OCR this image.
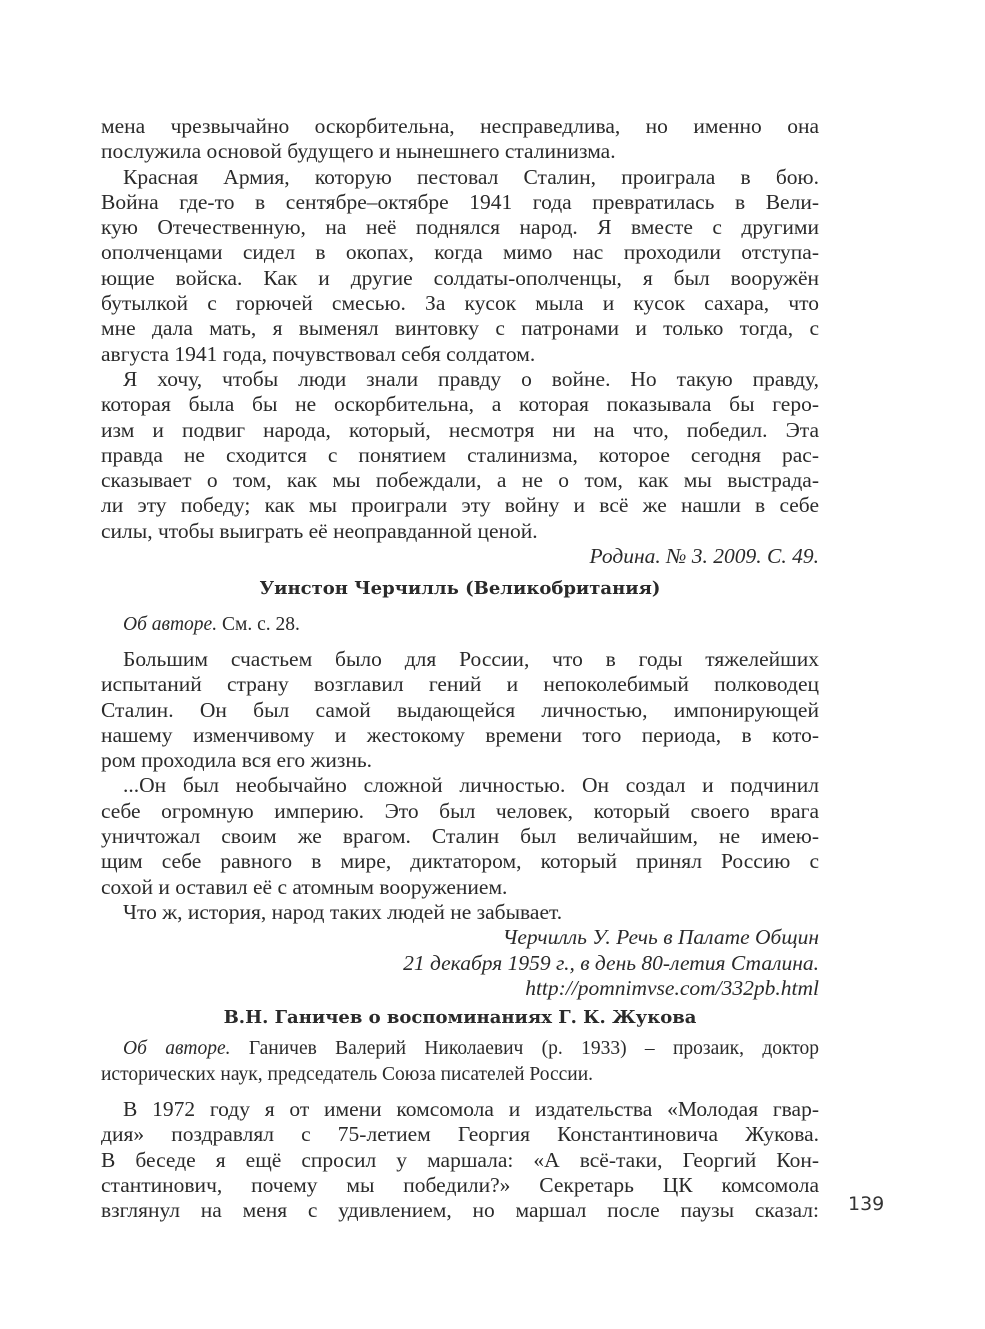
мена чрезвычайно оскорбительна, несправедлива, но именно она
послужила основой будущего и нынешнего сталинизма.
Красная Армия, которую пестовал Сталин, проиграла в бою.
Война где-то в сентябре–октябре 1941 года превратилась в Вели-
кую Отечественную, на неё поднялся народ. Я вместе с другими
ополченцами сидел в окопах, когда мимо нас проходили отступа-
ющие войска. Как и другие солдаты-ополченцы, я был вооружён
бутылкой с горючей смесью. За кусок мыла и кусок сахара, что
мне дала мать, я выменял винтовку с патронами и только тогда, с
августа 1941 года, почувствовал себя солдатом.
Я хочу, чтобы люди знали правду о войне. Но такую правду,
которая была бы не оскорбительна, а которая показывала бы геро-
изм и подвиг народа, который, несмотря ни на что, победил. Эта
правда не сходится с понятием сталинизма, которое сегодня рас-
сказывает о том, как мы побеждали, а не о том, как мы выстрада-
ли эту победу; как мы проиграли эту войну и всё же нашли в себе
силы, чтобы выиграть её неоправданной ценой.
Родина. № 3. 2009. С. 49.
Уинстон Черчилль (Великобритания)
Об авторе. См. с. 28.
Большим счастьем было для России, что в годы тяжелейших
испытаний страну возглавил гений и непоколебимый полководец
Сталин. Он был самой выдающейся личностью, импонирующей
нашему изменчивому и жестокому времени того периода, в кото-
ром проходила вся его жизнь.
...Он был необычайно сложной личностью. Он создал и подчинил
себе огромную империю. Это был человек, который своего врага
уничтожал своим же врагом. Сталин был величайшим, не имею-
щим себе равного в мире, диктатором, который принял Россию с
сохой и оставил её с атомным вооружением.
Что ж, история, народ таких людей не забывает.
Черчилль У. Речь в Палате Общин
21 декабря 1959 г., в день 80-летия Сталина.
http://pomnimvse.com/332pb.html
В.Н. Ганичев о воспоминаниях Г. К. Жукова
Об авторе. Ганичев Валерий Николаевич (р. 1933) – прозаик, доктор
исторических наук, председатель Союза писателей России.
В 1972 году я от имени комсомола и издательства «Молодая гвар-
дия» поздравлял с 75-летием Георгия Константиновича Жукова.
В беседе я ещё спросил у маршала: «А всё-таки, Георгий Кон-
стантинович, почему мы победили?» Секретарь ЦК комсомола
взглянул на меня с удивлением, но маршал после паузы сказал: 139
